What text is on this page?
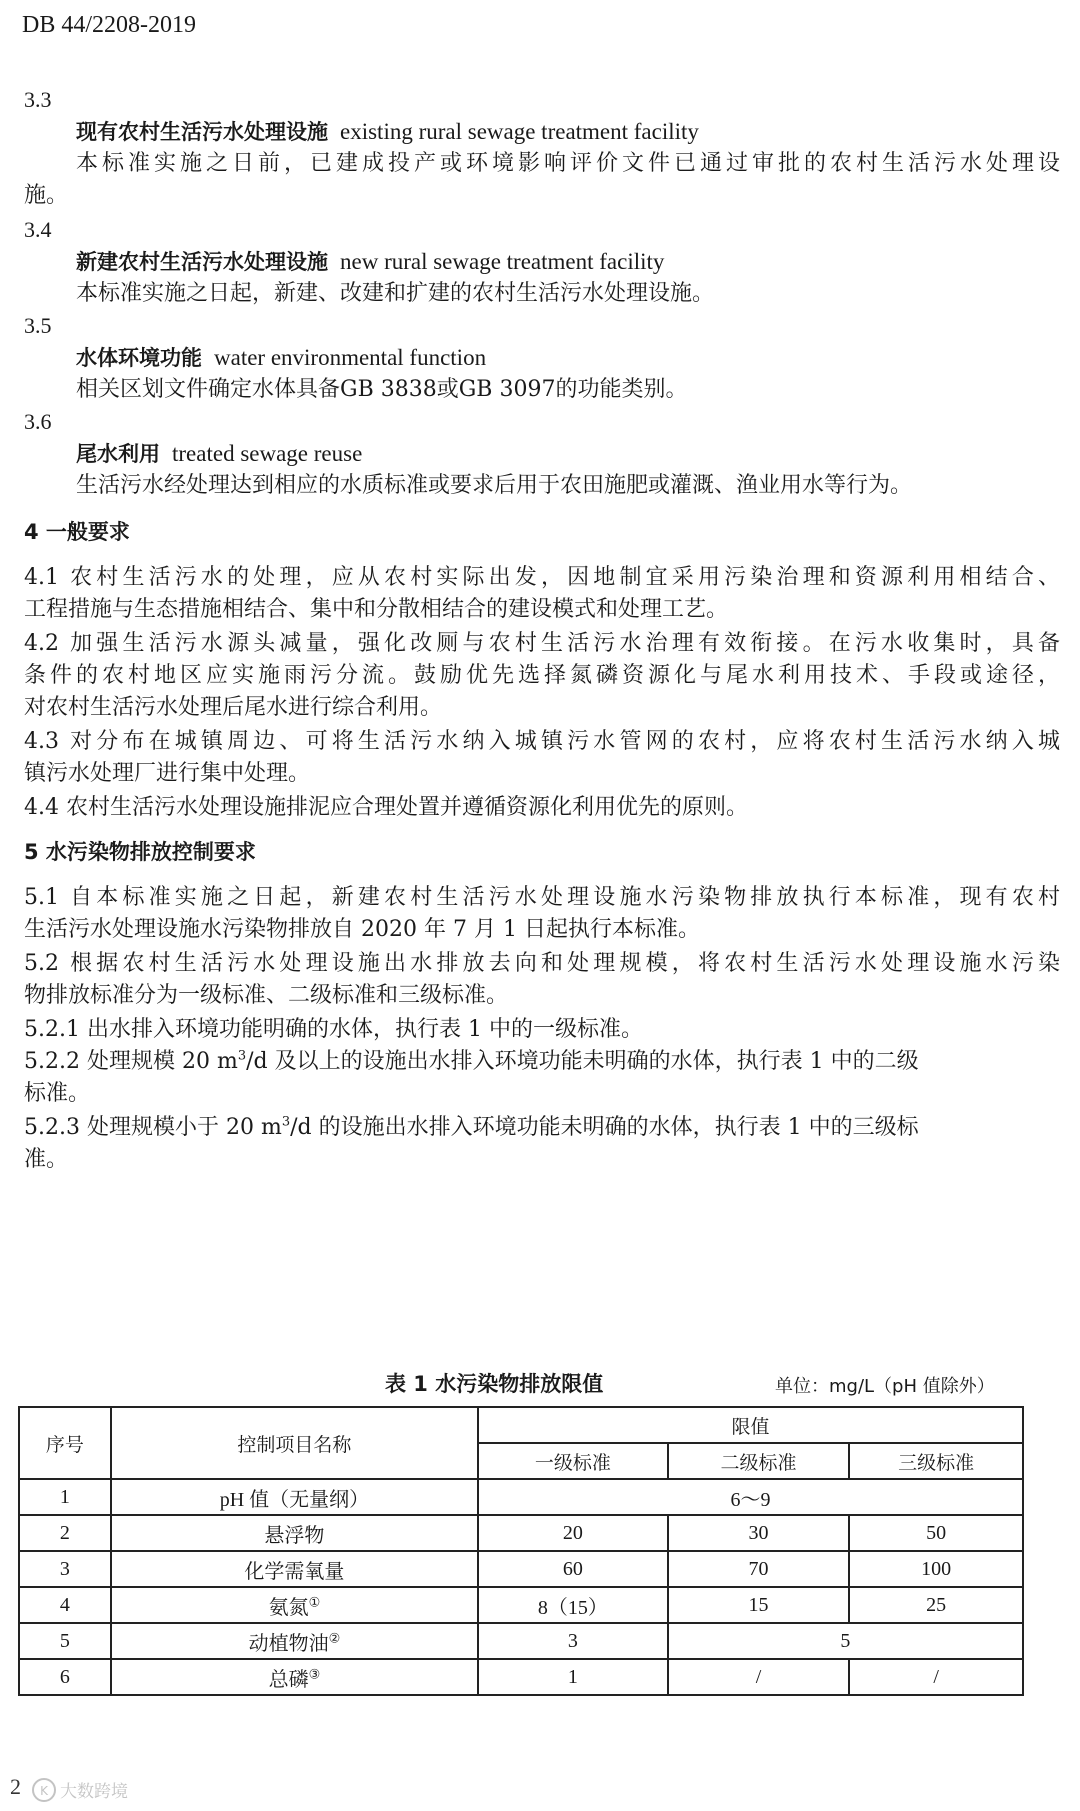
DB 44/2208-2019
3.3
现有农村生活污水处理设施 existing rural sewage treatment facility
本标准实施之日前，已建成投产或环境影响评价文件已通过审批的农村生活污水处理设
施。
3.4
新建农村生活污水处理设施 new rural sewage treatment facility
本标准实施之日起，新建、改建和扩建的农村生活污水处理设施。
3.5
水体环境功能 water environmental function
相关区划文件确定水体具备GB 3838或GB 3097的功能类别。
3.6
尾水利用 treated sewage reuse
生活污水经处理达到相应的水质标准或要求后用于农田施肥或灌溉、渔业用水等行为。
4 一般要求
4.1 农村生活污水的处理，应从农村实际出发，因地制宜采用污染治理和资源利用相结合、
工程措施与生态措施相结合、集中和分散相结合的建设模式和处理工艺。
4.2 加强生活污水源头减量，强化改厕与农村生活污水治理有效衔接。在污水收集时，具备
条件的农村地区应实施雨污分流。鼓励优先选择氮磷资源化与尾水利用技术、手段或途径，
对农村生活污水处理后尾水进行综合利用。
4.3 对分布在城镇周边、可将生活污水纳入城镇污水管网的农村，应将农村生活污水纳入城
镇污水处理厂进行集中处理。
4.4 农村生活污水处理设施排泥应合理处置并遵循资源化利用优先的原则。
5 水污染物排放控制要求
5.1 自本标准实施之日起，新建农村生活污水处理设施水污染物排放执行本标准，现有农村
生活污水处理设施水污染物排放自 2020 年 7 月 1 日起执行本标准。
5.2 根据农村生活污水处理设施出水排放去向和处理规模，将农村生活污水处理设施水污染
物排放标准分为一级标准、二级标准和三级标准。
5.2.1 出水排入环境功能明确的水体，执行表 1 中的一级标准。
5.2.2 处理规模 20 $m^3/d$ 及以上的设施出水排入环境功能未明确的水体，执行表 1 中的二级
标准。
5.2.3 处理规模小于 20 $m^3/d$ 的设施出水排入环境功能未明确的水体，执行表 1 中的三级标
准。
表 1 水污染物排放限值	单位：mg/L（pH 值除外）
序号	控制项目名称	限值		
		一级标准	二级标准	三级标准
1	pH 值（无量纲）	6～9		
2	悬浮物	20	30	50
3	化学需氧量	60	70	100
4	氨氮①	8（15）	15	25
5	动植物油②	3	5	
6	总磷③	1	/	/
2 K 大数跨境
